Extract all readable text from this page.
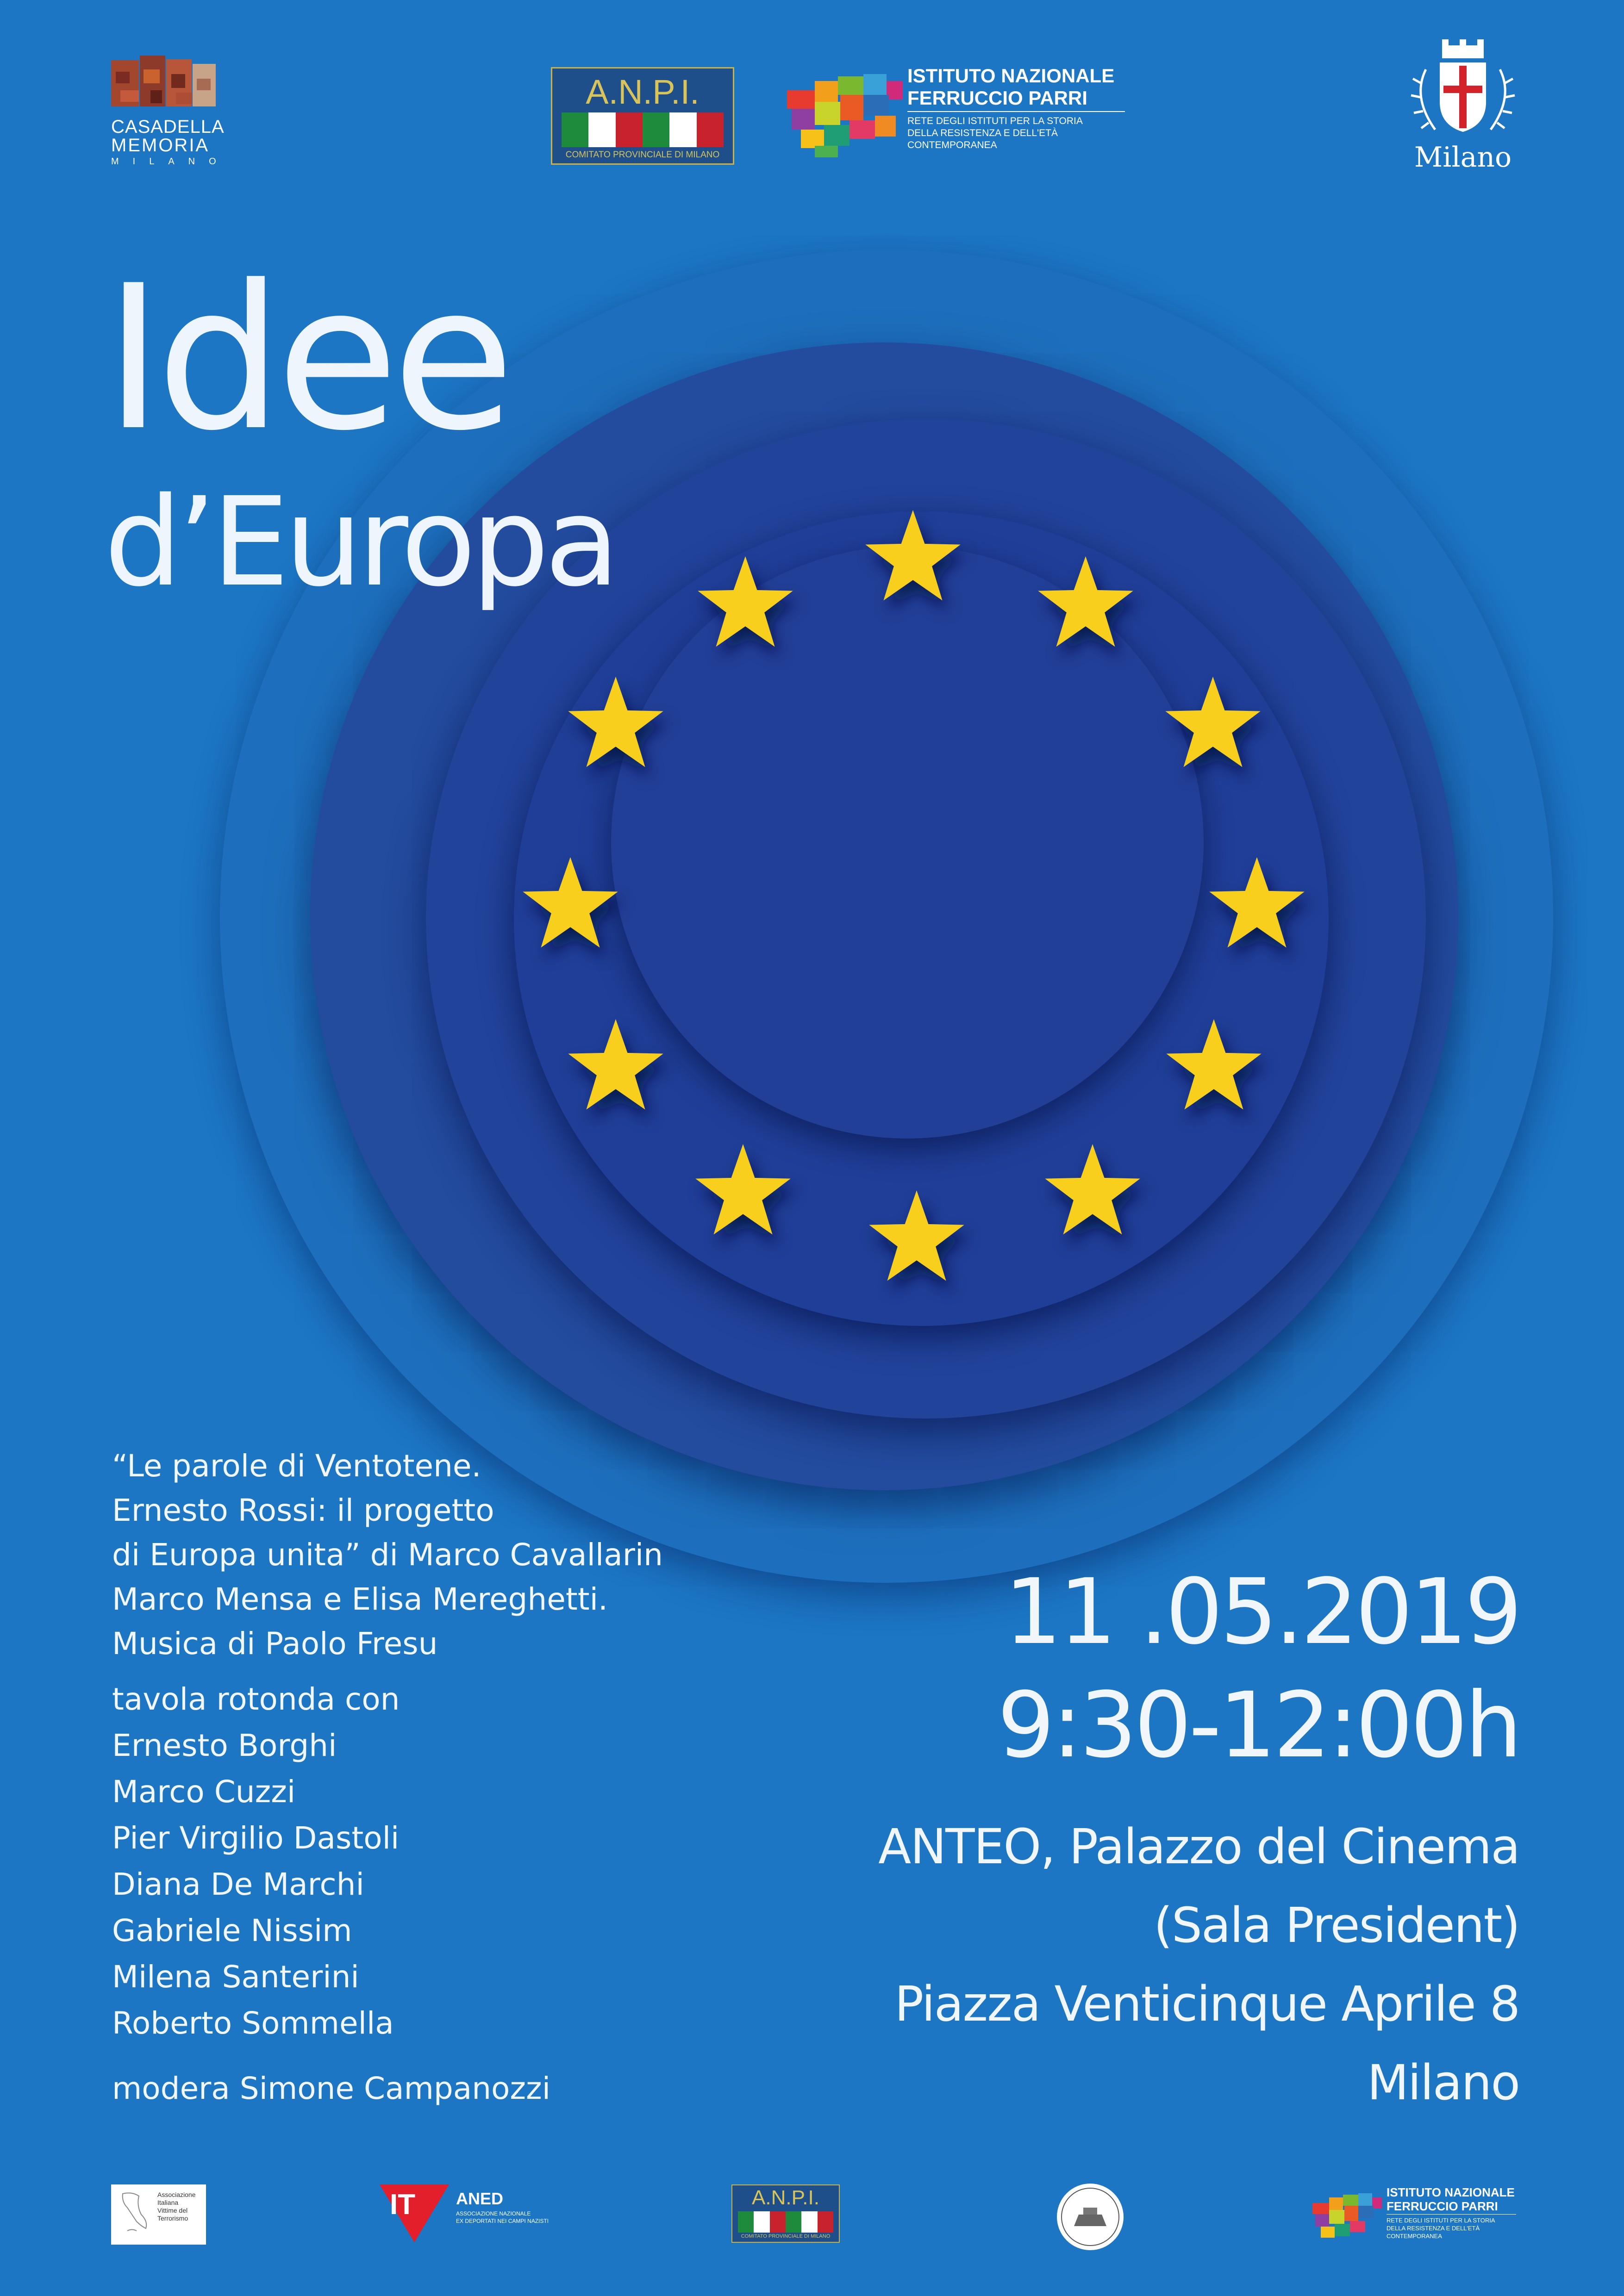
CASADELLA
MEMORIA
MILANO
A.N.P.I.
COMITATO PROVINCIALE DI MILANO
ISTITUTO NAZIONALE
FERRUCCIO PARRI
RETE DEGLI ISTITUTI PER LA STORIA
DELLA RESISTENZA E DELL'ETÀ
CONTEMPORANEA	Milano
Idee
d’Europa
“Le parole di Ventotene.
Ernesto Rossi: il progetto
di Europa unita” di Marco Cavallarin
Marco Mensa e Elisa Mereghetti.
Musica di Paolo Fresu
tavola rotonda con
Ernesto Borghi
Marco Cuzzi
Pier Virgilio Dastoli
Diana De Marchi
Gabriele Nissim
Milena Santerini
Roberto Sommella
modera Simone Campanozzi
11 .05.2019
9:30-12:00h
ANTEO, Palazzo del Cinema
(Sala President)
Piazza Venticinque Aprile 8
Milano
Associazione
Italiana
Vittime del
Terrorismo	IT ANED
ASSOCIAZIONE NAZIONALE
EX DEPORTATI NEI CAMPI NAZISTI
A.N.P.I.
COMITATO PROVINCIALE DI MILANO
ISTITUTO NAZIONALE
FERRUCCIO PARRI
RETE DEGLI ISTITUTI PER LA STORIA
DELLA RESISTENZA E DELL'ETÀ
CONTEMPORANEA
